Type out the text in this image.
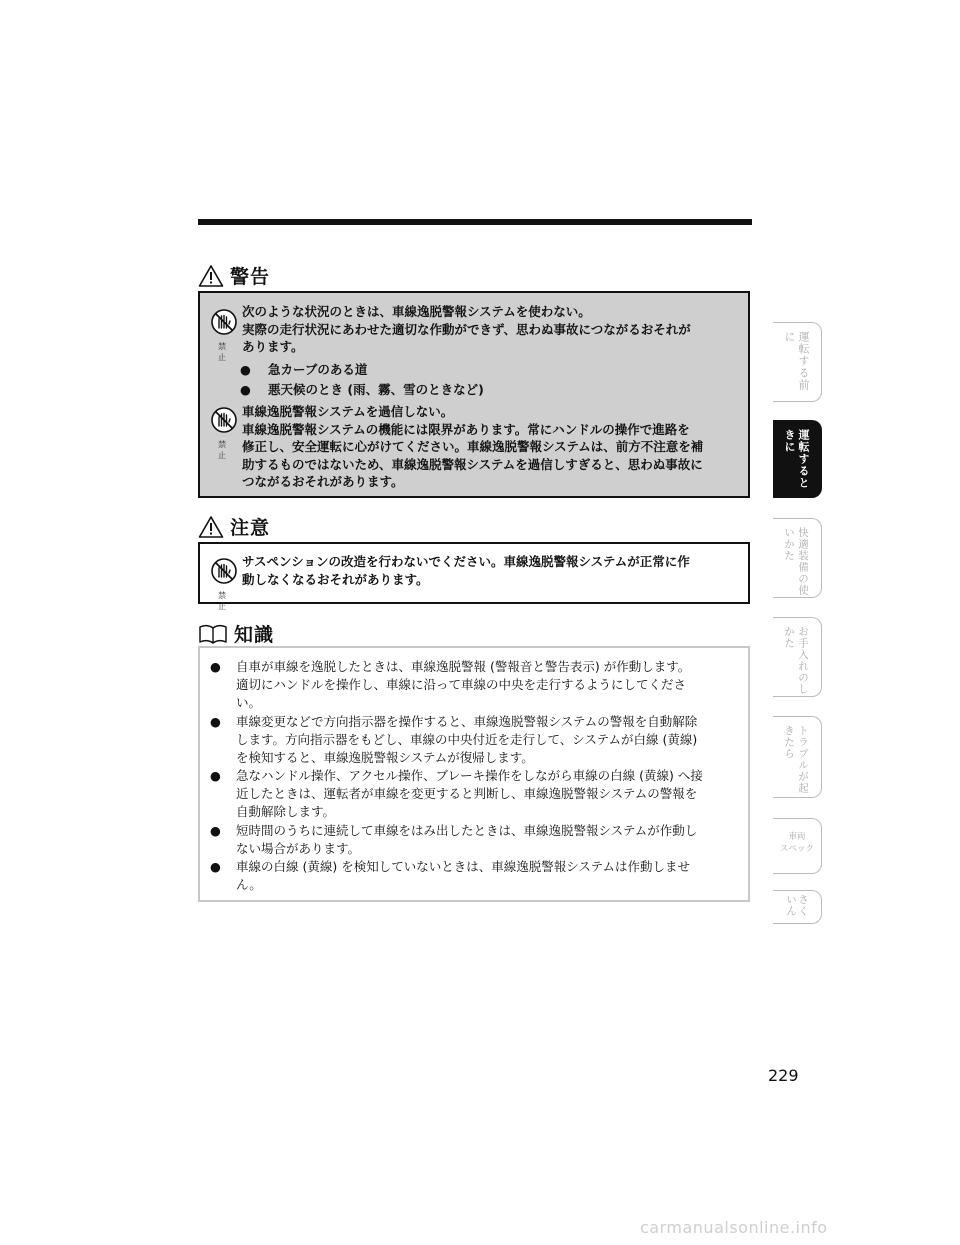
警告
禁 止
次のような状況のときは、車線逸脱警報システムを使わない。
実際の走行状況にあわせた適切な作動ができず、思わぬ事故につながるおそれが
あります。
●	急カーブのある道
●	悪天候のとき (雨、霧、雪のときなど)
禁 止
車線逸脱警報システムを過信しない。
車線逸脱警報システムの機能には限界があります。常にハンドルの操作で進路を
修正し、安全運転に心がけてください。車線逸脱警報システムは、前方不注意を補
助するものではないため、車線逸脱警報システムを過信しすぎると、思わぬ事故に
つながるおそれがあります。
注意
禁 止
サスペンションの改造を行わないでください。車線逸脱警報システムが正常に作
動しなくなるおそれがあります。
知識
●	自車が車線を逸脱したときは、車線逸脱警報 (警報音と警告表示) が作動します。
適切にハンドルを操作し、車線に沿って車線の中央を走行するようにしてくださ
い。
●	車線変更などで方向指示器を操作すると、車線逸脱警報システムの警報を自動解除
します。方向指示器をもどし、車線の中央付近を走行して、システムが白線 (黄線)
を検知すると、車線逸脱警報システムが復帰します。
●	急なハンドル操作、アクセル操作、ブレーキ操作をしながら車線の白線 (黄線) へ接
近したときは、運転者が車線を変更すると判断し、車線逸脱警報システムの警報を
自動解除します。
●	短時間のうちに連続して車線をはみ出したときは、車線逸脱警報システムが作動し
ない場合があります。
●	車線の白線 (黄線) を検知していないときは、車線逸脱警報システムは作動しませ
ん。
運転する前に
運転するときに
快適装備の使いかた
お手入れのしかた
トラブルが起きたら
車両
スペック
さくいん
229
carmanualsonline.info
